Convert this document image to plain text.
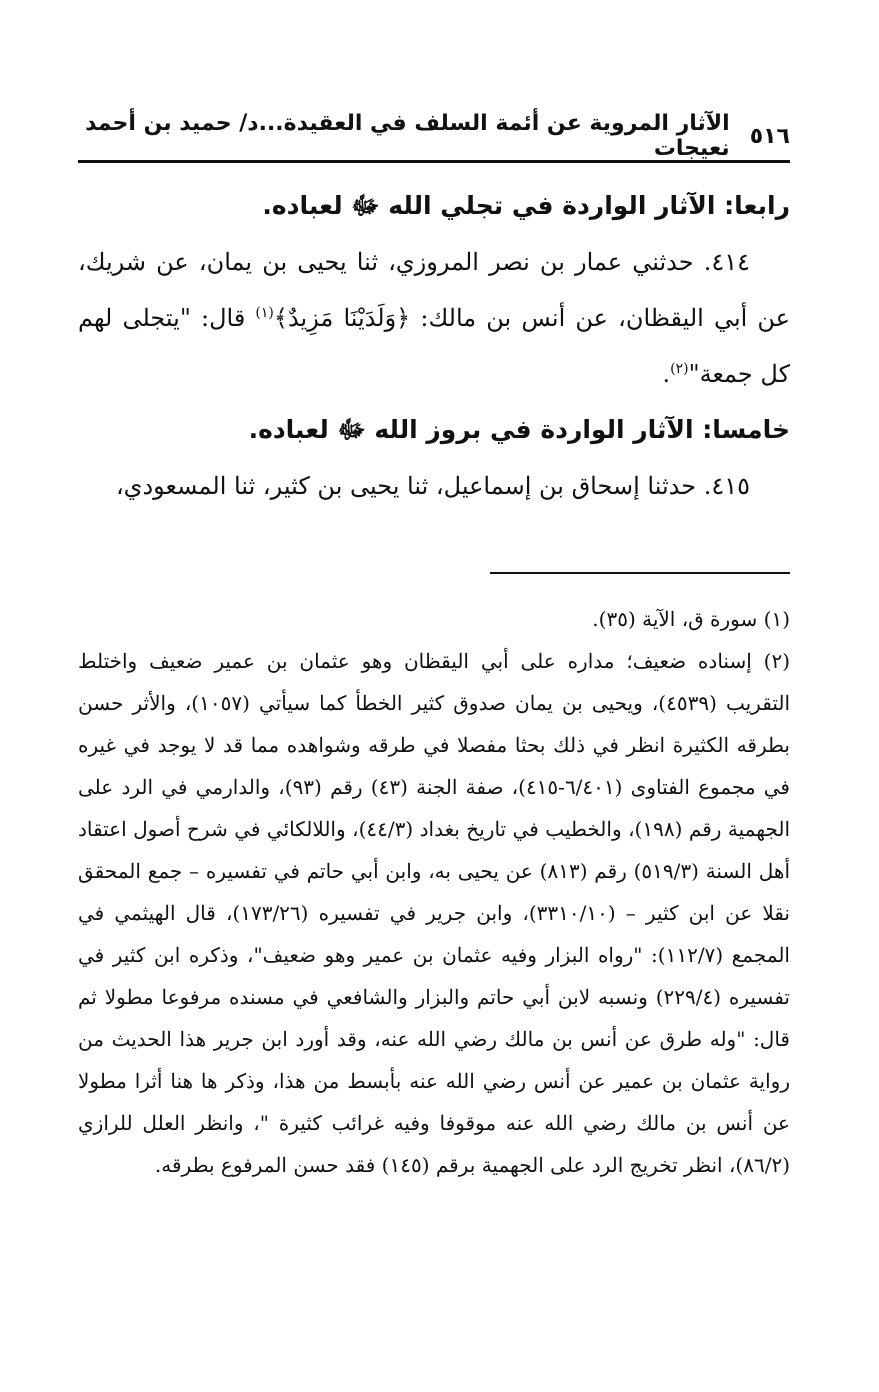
٥١٦
الآثار المروية عن أئمة السلف في العقيدة...د/ حميد بن أحمد نعيجات

رابعا: الآثار الواردة في تجلي الله ﷻ لعباده.

٤١٤. حدثني عمار بن نصر المروزي، ثنا يحيى بن يمان، عن شريك، عن أبي اليقظان، عن أنس بن مالك: ﴿وَلَدَيْنَا مَزِيدٌ﴾$^{(١)}$ قال: "يتجلى لهم كل جمعة"$^{(٢)}$.

خامسا: الآثار الواردة في بروز الله ﷻ لعباده.

٤١٥. حدثنا إسحاق بن إسماعيل، ثنا يحيى بن كثير، ثنا المسعودي،

(١) سورة ق، الآية (٣٥).

(٢) إسناده ضعيف؛ مداره على أبي اليقظان وهو عثمان بن عمير ضعيف واختلط التقريب (٤٥٣٩)، ويحيى بن يمان صدوق كثير الخطأ كما سيأتي (١٠٥٧)، والأثر حسن بطرقه الكثيرة انظر في ذلك بحثا مفصلا في طرقه وشواهده مما قد لا يوجد في غيره في مجموع الفتاوى (٦/٤٠١-٤١٥)، صفة الجنة (٤٣) رقم (٩٣)، والدارمي في الرد على الجهمية رقم (١٩٨)، والخطيب في تاريخ بغداد (٤٤/٣)، واللالكائي في شرح أصول اعتقاد أهل السنة (٥١٩/٣) رقم (٨١٣) عن يحيى به، وابن أبي حاتم في تفسيره – جمع المحقق نقلا عن ابن كثير – (٣٣١٠/١٠)، وابن جرير في تفسيره (١٧٣/٢٦)، قال الهيثمي في المجمع (١١٢/٧): "رواه البزار وفيه عثمان بن عمير وهو ضعيف"، وذكره ابن كثير في تفسيره (٢٢٩/٤) ونسبه لابن أبي حاتم والبزار والشافعي في مسنده مرفوعا مطولا ثم قال: "وله طرق عن أنس بن مالك رضي الله عنه، وقد أورد ابن جرير هذا الحديث من رواية عثمان بن عمير عن أنس رضي الله عنه بأبسط من هذا، وذكر ها هنا أثرا مطولا عن أنس بن مالك رضي الله عنه موقوفا وفيه غرائب كثيرة "، وانظر العلل للرازي (٨٦/٢)، انظر تخريج الرد على الجهمية برقم (١٤٥) فقد حسن المرفوع بطرقه.
